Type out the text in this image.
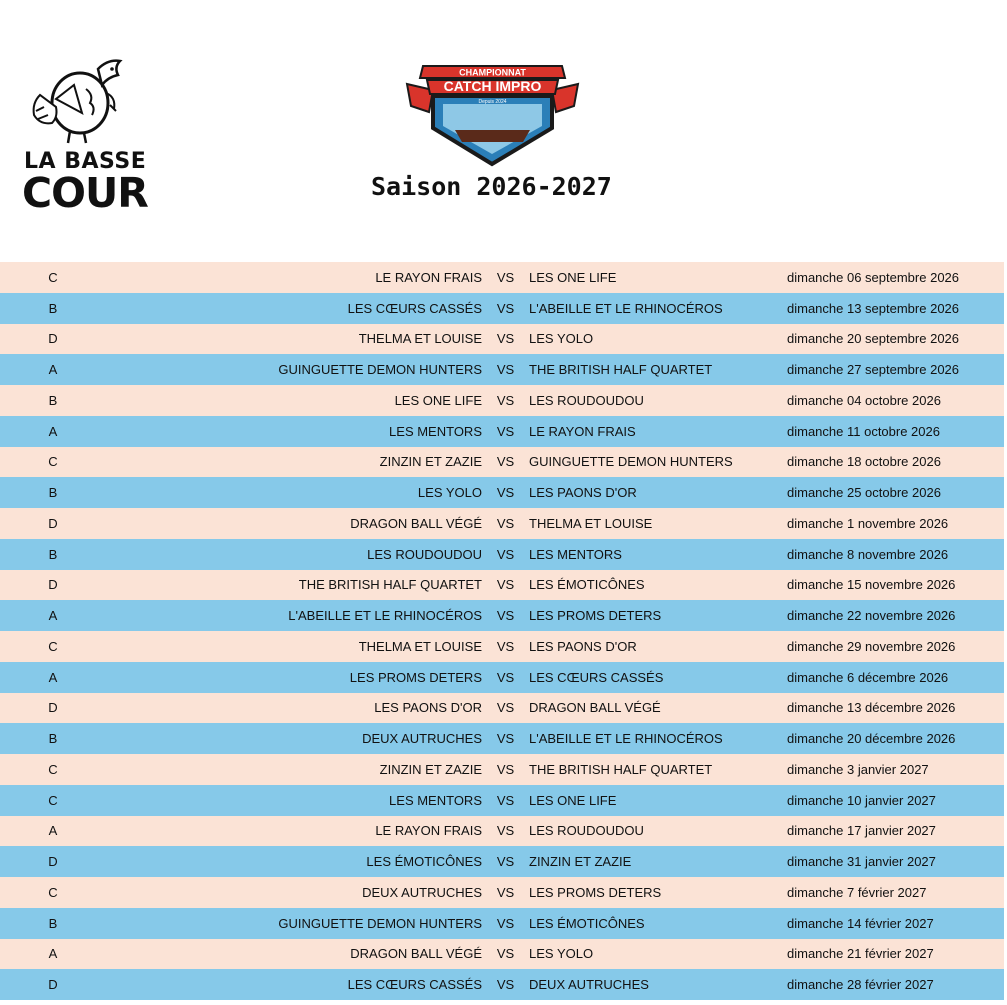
LA BASSE
COUR
CHAMPIONNAT
CATCH IMPRO
Depuis 2024
Saison 2026-2027
C	LE RAYON FRAIS	VS	LES ONE LIFE	dimanche 06 septembre 2026
B	LES CŒURS CASSÉS	VS	L'ABEILLE ET LE RHINOCÉROS	dimanche 13 septembre 2026
D	THELMA ET LOUISE	VS	LES YOLO	dimanche 20 septembre 2026
A	GUINGUETTE DEMON HUNTERS	VS	THE BRITISH HALF QUARTET	dimanche 27 septembre 2026
B	LES ONE LIFE	VS	LES ROUDOUDOU	dimanche 04 octobre 2026
A	LES MENTORS	VS	LE RAYON FRAIS	dimanche 11 octobre 2026
C	ZINZIN ET ZAZIE	VS	GUINGUETTE DEMON HUNTERS	dimanche 18 octobre 2026
B	LES YOLO	VS	LES PAONS D'OR	dimanche 25 octobre 2026
D	DRAGON BALL VÉGÉ	VS	THELMA ET LOUISE	dimanche 1 novembre 2026
B	LES ROUDOUDOU	VS	LES MENTORS	dimanche 8 novembre 2026
D	THE BRITISH HALF QUARTET	VS	LES ÉMOTICÔNES	dimanche 15 novembre 2026
A	L'ABEILLE ET LE RHINOCÉROS	VS	LES PROMS DETERS	dimanche 22 novembre 2026
C	THELMA ET LOUISE	VS	LES PAONS D'OR	dimanche 29 novembre 2026
A	LES PROMS DETERS	VS	LES CŒURS CASSÉS	dimanche 6 décembre 2026
D	LES PAONS D'OR	VS	DRAGON BALL VÉGÉ	dimanche 13 décembre 2026
B	DEUX AUTRUCHES	VS	L'ABEILLE ET LE RHINOCÉROS	dimanche 20 décembre 2026
C	ZINZIN ET ZAZIE	VS	THE BRITISH HALF QUARTET	dimanche 3 janvier 2027
C	LES MENTORS	VS	LES ONE LIFE	dimanche 10 janvier 2027
A	LE RAYON FRAIS	VS	LES ROUDOUDOU	dimanche 17 janvier 2027
D	LES ÉMOTICÔNES	VS	ZINZIN ET ZAZIE	dimanche 31 janvier 2027
C	DEUX AUTRUCHES	VS	LES PROMS DETERS	dimanche 7 février 2027
B	GUINGUETTE DEMON HUNTERS	VS	LES ÉMOTICÔNES	dimanche 14 février 2027
A	DRAGON BALL VÉGÉ	VS	LES YOLO	dimanche 21 février 2027
D	LES CŒURS CASSÉS	VS	DEUX AUTRUCHES	dimanche 28 février 2027
